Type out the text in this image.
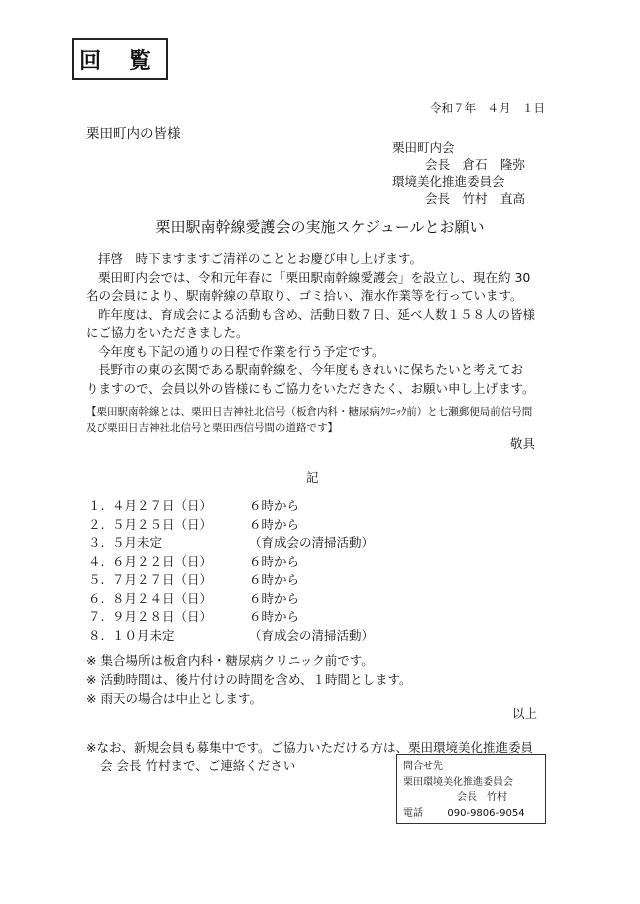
回 覧
令和７年　４月　１日
栗田町内の皆様
栗田町内会
会長　倉石　隆弥
環境美化推進委員会
会長　竹村　直高
栗田駅南幹線愛護会の実施スケジュールとお願い

拝啓　時下ますますご清祥のこととお慶び申し上げます。

栗田町内会では、令和元年春に「栗田駅南幹線愛護会」を設立し、現在約 30

名の会員により、駅南幹線の草取り、ゴミ拾い、潅水作業等を行っています。

昨年度は、育成会による活動も含め、活動日数７日、延べ人数１５８人の皆様

にご協力をいただきました。

今年度も下記の通りの日程で作業を行う予定です。

長野市の東の玄関である駅南幹線を、今年度もきれいに保ちたいと考えてお

りますので、会員以外の皆様にもご協力をいただきたく、お願い申し上げます。

【栗田駅南幹線とは、栗田日吉神社北信号（板倉内科・糖尿病ｸﾘﾆｯｸ前）と七瀬郵便局前信号間
及び栗田日吉神社北信号と栗田西信号間の道路です】
敬具
記
１. ４月２７日（日）	６時から
２. ５月２５日（日）	６時から
３. ５月未定	（育成会の清掃活動）
４. ６月２２日（日）	６時から
５. ７月２７日（日）	６時から
６. ８月２４日（日）	６時から
７. ９月２８日（日）	６時から
８. １０月未定	（育成会の清掃活動）
※ 集合場所は板倉内科・糖尿病クリニック前です。
※ 活動時間は、後片付けの時間を含め、１時間とします。
※ 雨天の場合は中止とします。
以上
※なお、新規会員も募集中です。ご協力いただける方は、栗田環境美化推進委員
会 会長 竹村まで、ご連絡ください	問合せ先
栗田環境美化推進委員会
会長　竹村
電話 090-9806-9054
